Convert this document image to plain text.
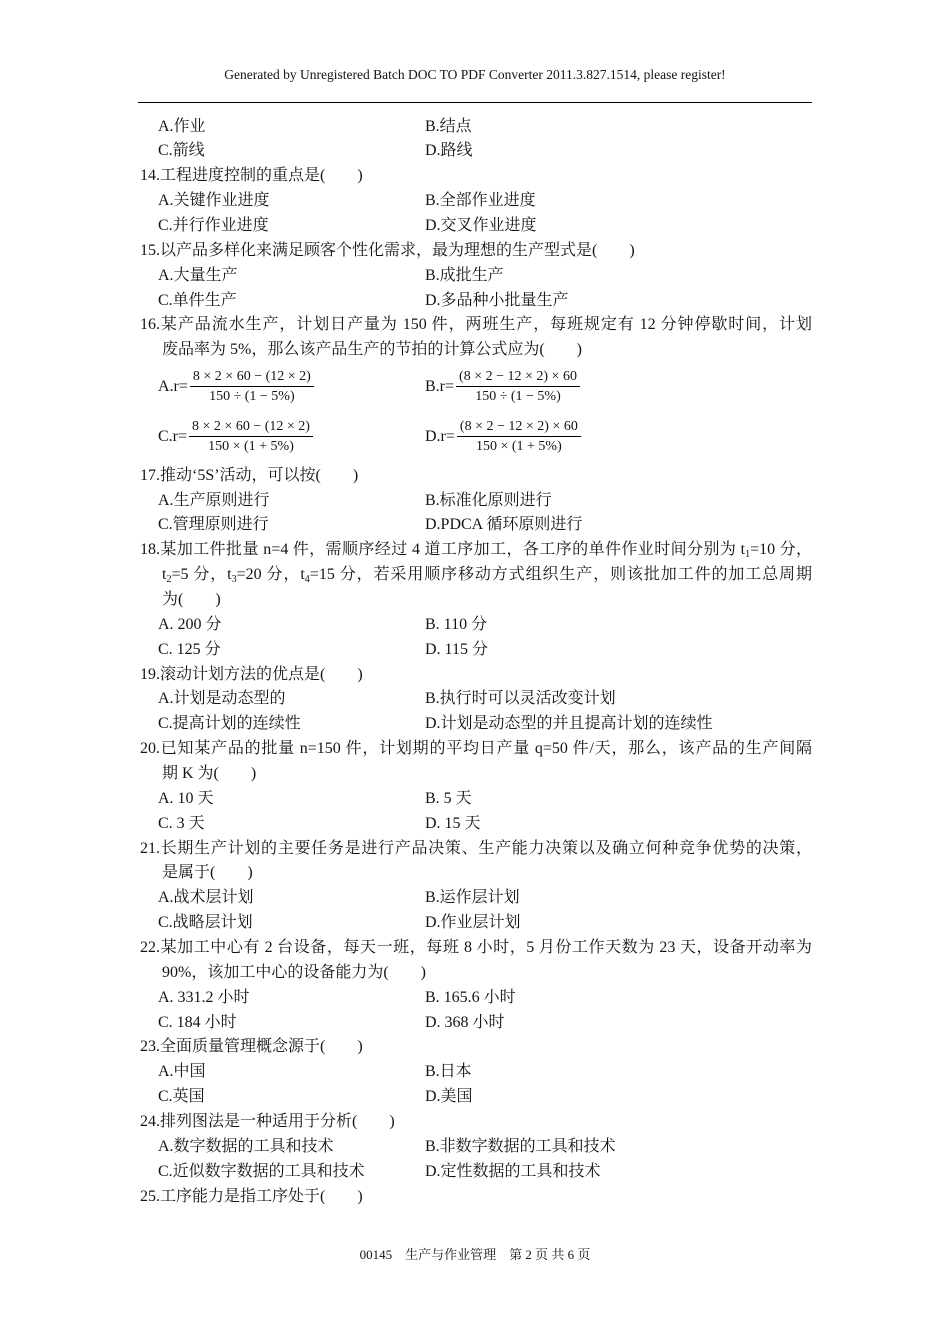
Generated by Unregistered Batch DOC TO PDF Converter 2011.3.827.1514, please register!
A.作业	B.结点
C.箭线	D.路线
14.工程进度控制的重点是(　　)
A.关键作业进度	B.全部作业进度
C.并行作业进度	D.交叉作业进度
15.以产品多样化来满足顾客个性化需求，最为理想的生产型式是(　　)
A.大量生产	B.成批生产
C.单件生产	D.多品种小批量生产
16.某产品流水生产，计划日产量为 150 件，两班生产，每班规定有 12 分钟停歇时间，计划
废品率为 5%，那么该产品生产的节拍的计算公式应为(　　)
$A.r= \frac{8 \times 2 \times 60 - (12 \times 2)}{150 \div (1 - 5\%)}$	$B.r= \frac{(8 \times 2 - 12 \times 2) \times 60}{150 \div (1 - 5\%)}$
$C.r= \frac{8 \times 2 \times 60 - (12 \times 2)}{150 \times (1 + 5\%)}$	$D.r= \frac{(8 \times 2 - 12 \times 2) \times 60}{150 \times (1 + 5\%)}$
17.推动‘5S’活动，可以按(　　)
A.生产原则进行	B.标准化原则进行
C.管理原则进行	D.PDCA 循环原则进行
18.某加工件批量 n=4 件，需顺序经过 4 道工序加工，各工序的单件作业时间分别为 $t_1=10$ 分，
$t_2=5$ 分，$t_3=20$ 分，$t_4=15$ 分，若采用顺序移动方式组织生产，则该批加工件的加工总周期
为(　　)
A. 200 分	B. 110 分
C. 125 分	D. 115 分
19.滚动计划方法的优点是(　　)
A.计划是动态型的	B.执行时可以灵活改变计划
C.提高计划的连续性	D.计划是动态型的并且提高计划的连续性
20.已知某产品的批量 n=150 件，计划期的平均日产量 q=50 件/天，那么，该产品的生产间隔
期 K 为(　　)
A. 10 天	B. 5 天
C. 3 天	D. 15 天
21.长期生产计划的主要任务是进行产品决策、生产能力决策以及确立何种竞争优势的决策，
是属于(　　)
A.战术层计划	B.运作层计划
C.战略层计划	D.作业层计划
22.某加工中心有 2 台设备，每天一班，每班 8 小时，5 月份工作天数为 23 天，设备开动率为
90%，该加工中心的设备能力为(　　)
A. 331.2 小时	B. 165.6 小时
C. 184 小时	D. 368 小时
23.全面质量管理概念源于(　　)
A.中国	B.日本
C.英国	D.美国
24.排列图法是一种适用于分析(　　)
A.数字数据的工具和技术	B.非数字数据的工具和技术
C.近似数字数据的工具和技术	D.定性数据的工具和技术
25.工序能力是指工序处于(　　)
00145　生产与作业管理　第 2 页 共 6 页
